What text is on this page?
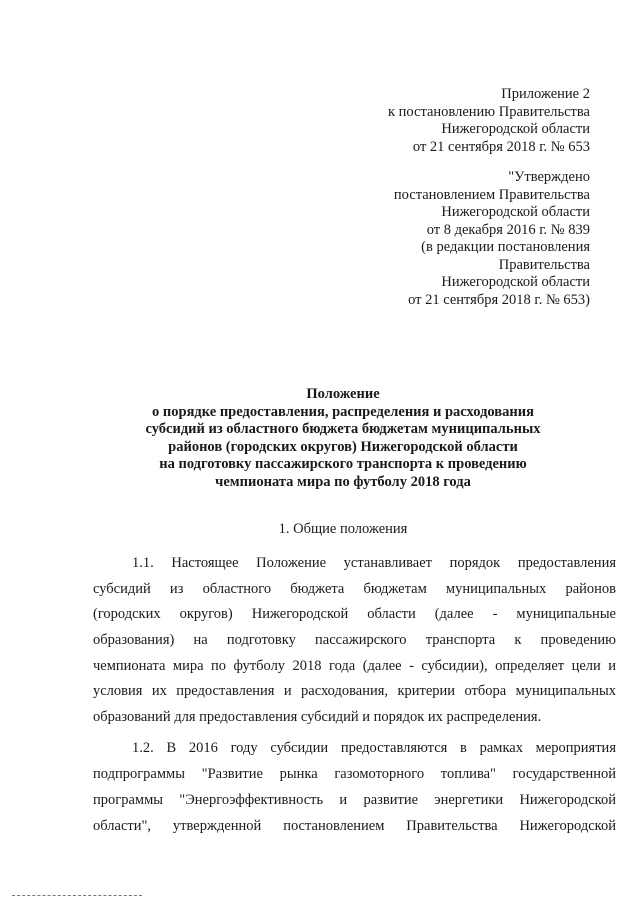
Приложение 2
к постановлению Правительства
Нижегородской области
от 21 сентября 2018 г. № 653
"Утверждено
постановлением Правительства
Нижегородской области
от 8 декабря 2016 г. № 839
(в редакции постановления
Правительства
Нижегородской области
от 21 сентября 2018 г. № 653)
Положение
о порядке предоставления, распределения и расходования
субсидий из областного бюджета бюджетам муниципальных
районов (городских округов) Нижегородской области
на подготовку пассажирского транспорта к проведению
чемпионата мира по футболу 2018 года
1. Общие положения
1.1. Настоящее Положение устанавливает порядок предоставления
субсидий из областного бюджета бюджетам муниципальных районов
(городских округов) Нижегородской области (далее - муниципальные
образования) на подготовку пассажирского транспорта к проведению
чемпионата мира по футболу 2018 года (далее - субсидии), определяет цели и
условия их предоставления и расходования, критерии отбора муниципальных
образований для предоставления субсидий и порядок их распределения.
1.2. В 2016 году субсидии предоставляются в рамках мероприятия
подпрограммы "Развитие рынка газомоторного топлива" государственной
программы "Энергоэффективность и развитие энергетики Нижегородской
области", утвержденной постановлением Правительства Нижегородской
